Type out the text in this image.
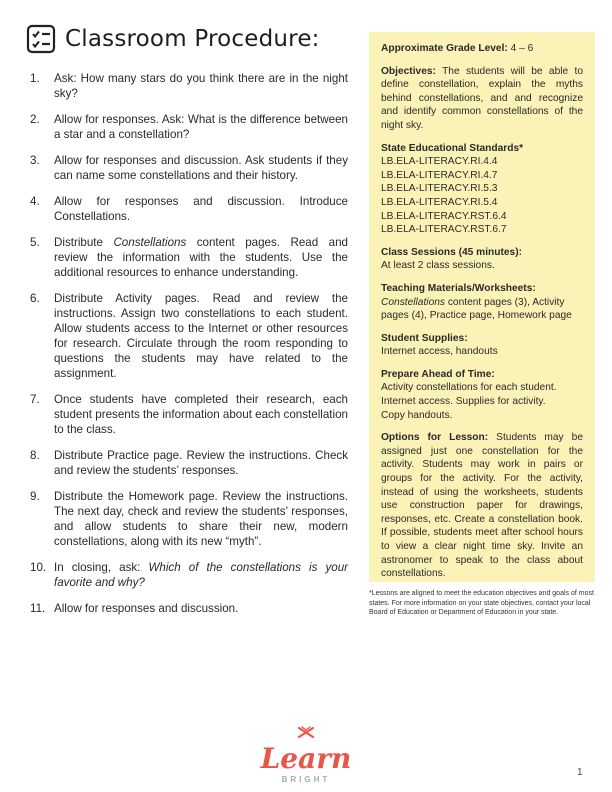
Classroom Procedure:
1.	Ask: How many stars do you think there are in the night sky?
2.	Allow for responses. Ask: What is the difference between a star and a constellation?
3.	Allow for responses and discussion. Ask students if they can name some constellations and their history.
4.	Allow for responses and discussion. Introduce Constellations.
5.	Distribute Constellations content pages. Read and review the information with the students. Use the additional resources to enhance understanding.
6.	Distribute Activity pages. Read and review the instructions. Assign two constellations to each student. Allow students access to the Internet or other resources for research. Circulate through the room responding to questions the students may have related to the assignment.
7.	Once students have completed their research, each student presents the information about each constellation to the class.
8.	Distribute Practice page. Review the instructions. Check and review the students’ responses.
9.	Distribute the Homework page. Review the instructions. The next day, check and review the students’ responses, and allow students to share their new, modern constellations, along with its new “myth”.
10. In closing, ask: Which of the constellations is your favorite and why?
11. Allow for responses and discussion.
Approximate Grade Level: 4 – 6
Objectives: The students will be able to define constellation, explain the myths behind constellations, and and recognize and identify common constellations of the night sky.
State Educational Standards*
LB.ELA-LITERACY.RI.4.4
LB.ELA-LITERACY.RI.4.7
LB.ELA-LITERACY.RI.5.3
LB.ELA-LITERACY.RI.5.4
LB.ELA-LITERACY.RST.6.4
LB.ELA-LITERACY.RST.6.7
Class Sessions (45 minutes):
At least 2 class sessions.
Teaching Materials/Worksheets:
Constellations content pages (3), Activity pages (4), Practice page, Homework page
Student Supplies:
Internet access, handouts
Prepare Ahead of Time:
Activity constellations for each student.
Internet access. Supplies for activity.
Copy handouts.
Options for Lesson: Students may be assigned just one constellation for the activity. Students may work in pairs or groups for the activity. For the activity, instead of using the worksheets, students use construction paper for drawings, responses, etc. Create a constellation book. If possible, students meet after school hours to view a clear night time sky. Invite an astronomer to speak to the class about constellations.
*Lessons are aligned to meet the education objectives and goals of most states. For more information on your state objectives, contact your local Board of Education or Department of Education in your state.
Learn
BRIGHT
1
